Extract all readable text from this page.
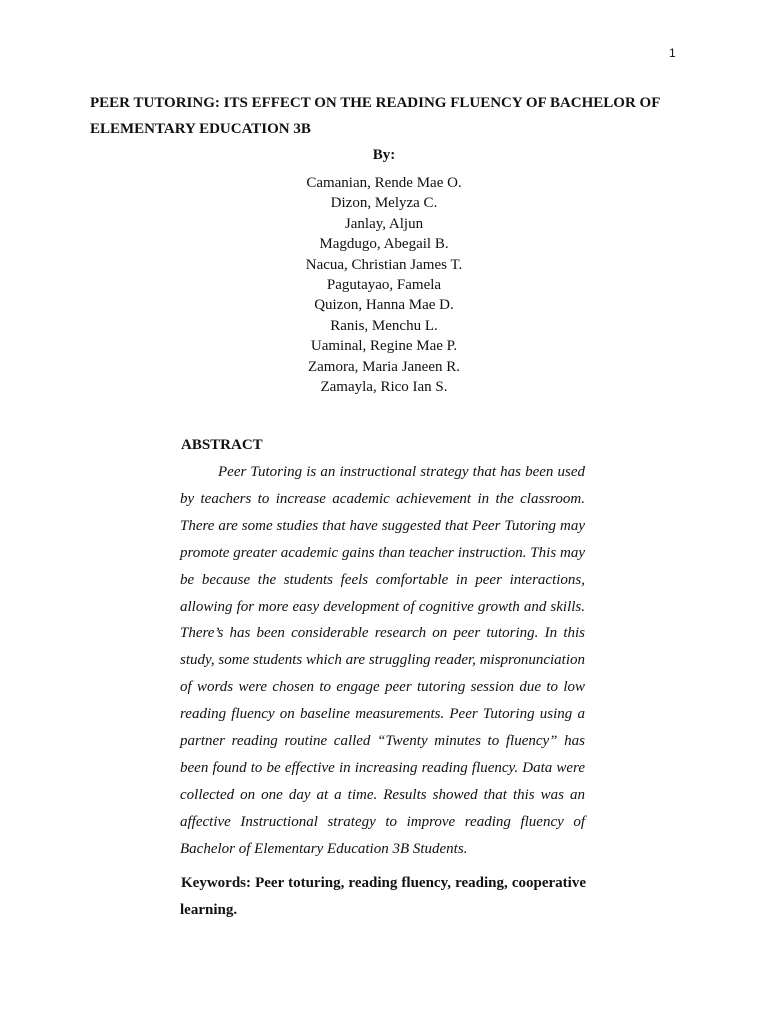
1
PEER TUTORING: ITS EFFECT ON THE READING FLUENCY OF BACHELOR OF ELEMENTARY EDUCATION 3B
By:
Camanian, Rende Mae O.
Dizon, Melyza C.
Janlay, Aljun
Magdugo, Abegail B.
Nacua, Christian James T.
Pagutayao, Famela
Quizon, Hanna Mae D.
Ranis, Menchu L.
Uaminal, Regine Mae P.
Zamora, Maria Janeen R.
Zamayla, Rico Ian S.
ABSTRACT

Peer Tutoring is an instructional strategy that has been used by teachers to increase academic achievement in the classroom. There are some studies that have suggested that Peer Tutoring may promote greater academic gains than teacher instruction. This may be because the students feels comfortable in peer interactions, allowing for more easy development of cognitive growth and skills. There’s has been considerable research on peer tutoring. In this study, some students which are struggling reader, mispronunciation of words were chosen to engage peer tutoring session due to low reading fluency on baseline measurements. Peer Tutoring using a partner reading routine called “Twenty minutes to fluency” has been found to be effective in increasing reading fluency. Data were collected on one day at a time. Results showed that this was an affective Instructional strategy to improve reading fluency of Bachelor of Elementary Education 3B Students.

Keywords: Peer toturing, reading fluency, reading, cooperative learning.
